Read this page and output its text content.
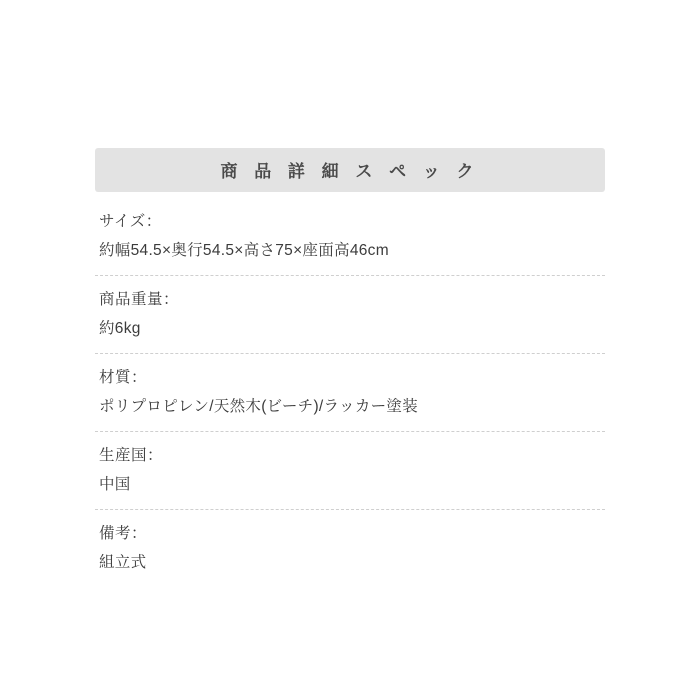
商 品 詳 細 ス ペ ッ ク
サイズ：
約幅54.5×奥行54.5×高さ75×座面高46cm
商品重量：
約6kg
材質：
ポリプロピレン/天然木(ビーチ)/ラッカー塗装
生産国：
中国
備考：
組立式
